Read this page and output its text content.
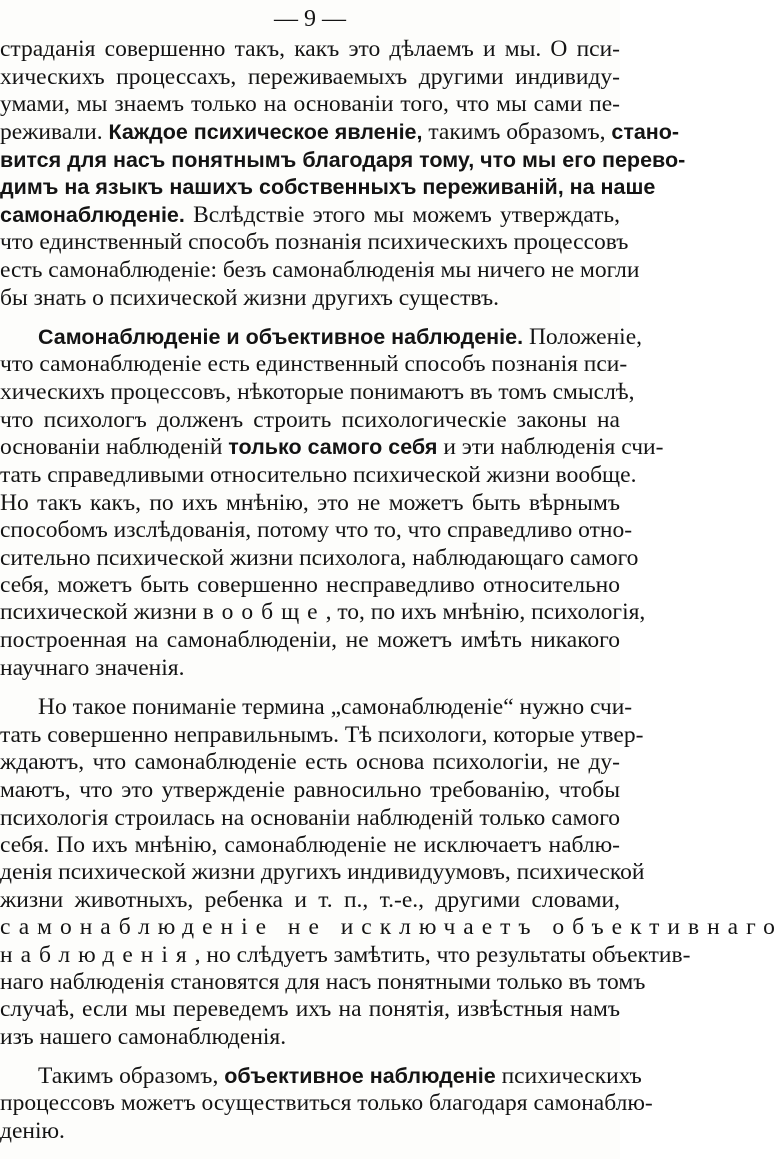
— 9 —
страданія совершенно такъ, какъ это дѣлаемъ и мы. О пси-
хическихъ процессахъ, переживаемыхъ другими индивиду-
умами, мы знаемъ только на основаніи того, что мы сами пе-
реживали. Каждое психическое явленіе, такимъ образомъ, стано-
вится для насъ понятнымъ благодаря тому, что мы его перево-
димъ на языкъ нашихъ собственныхъ переживаній, на наше
самонаблюденіе. Вслѣдствіе этого мы можемъ утверждать,
что единственный способъ познанія психическихъ процессовъ
есть самонаблюденіе: безъ самонаблюденія мы ничего не могли
бы знать о психической жизни другихъ существъ.
Самонаблюденіе и объективное наблюденіе. Положеніе,
что самонаблюденіе есть единственный способъ познанія пси-
хическихъ процессовъ, нѣкоторые понимаютъ въ томъ смыслѣ,
что психологъ долженъ строить психологическіе законы на
основаніи наблюденій только самого себя и эти наблюденія счи-
тать справедливыми относительно психической жизни вообще.
Но такъ какъ, по ихъ мнѣнію, это не можетъ быть вѣрнымъ
способомъ изслѣдованія, потому что то, что справедливо отно-
сительно психической жизни психолога, наблюдающаго самого
себя, можетъ быть совершенно несправедливо относительно
психической жизни вообще, то, по ихъ мнѣнію, психологія,
построенная на самонаблюденіи, не можетъ имѣть никакого
научнаго значенія.
Но такое пониманіе термина „самонаблюденіе“ нужно счи-
тать совершенно неправильнымъ. Тѣ психологи, которые утвер-
ждаютъ, что самонаблюденіе есть основа психологіи, не ду-
маютъ, что это утвержденіе равносильно требованію, чтобы
психологія строилась на основаніи наблюденій только самого
себя. По ихъ мнѣнію, самонаблюденіе не исключаетъ наблю-
денія психической жизни другихъ индивидуумовъ, психической
жизни животныхъ, ребенка и т. п., т.-е., другими словами,
самонаблюденіе не исключаетъ объективнаго
наблюденія, но слѣдуетъ замѣтить, что результаты объектив-
наго наблюденія становятся для насъ понятными только въ томъ
случаѣ, если мы переведемъ ихъ на понятія, извѣстныя намъ
изъ нашего самонаблюденія.
Такимъ образомъ, объективное наблюденіе психическихъ
процессовъ можетъ осуществиться только благодаря самонаблю-
денію.
